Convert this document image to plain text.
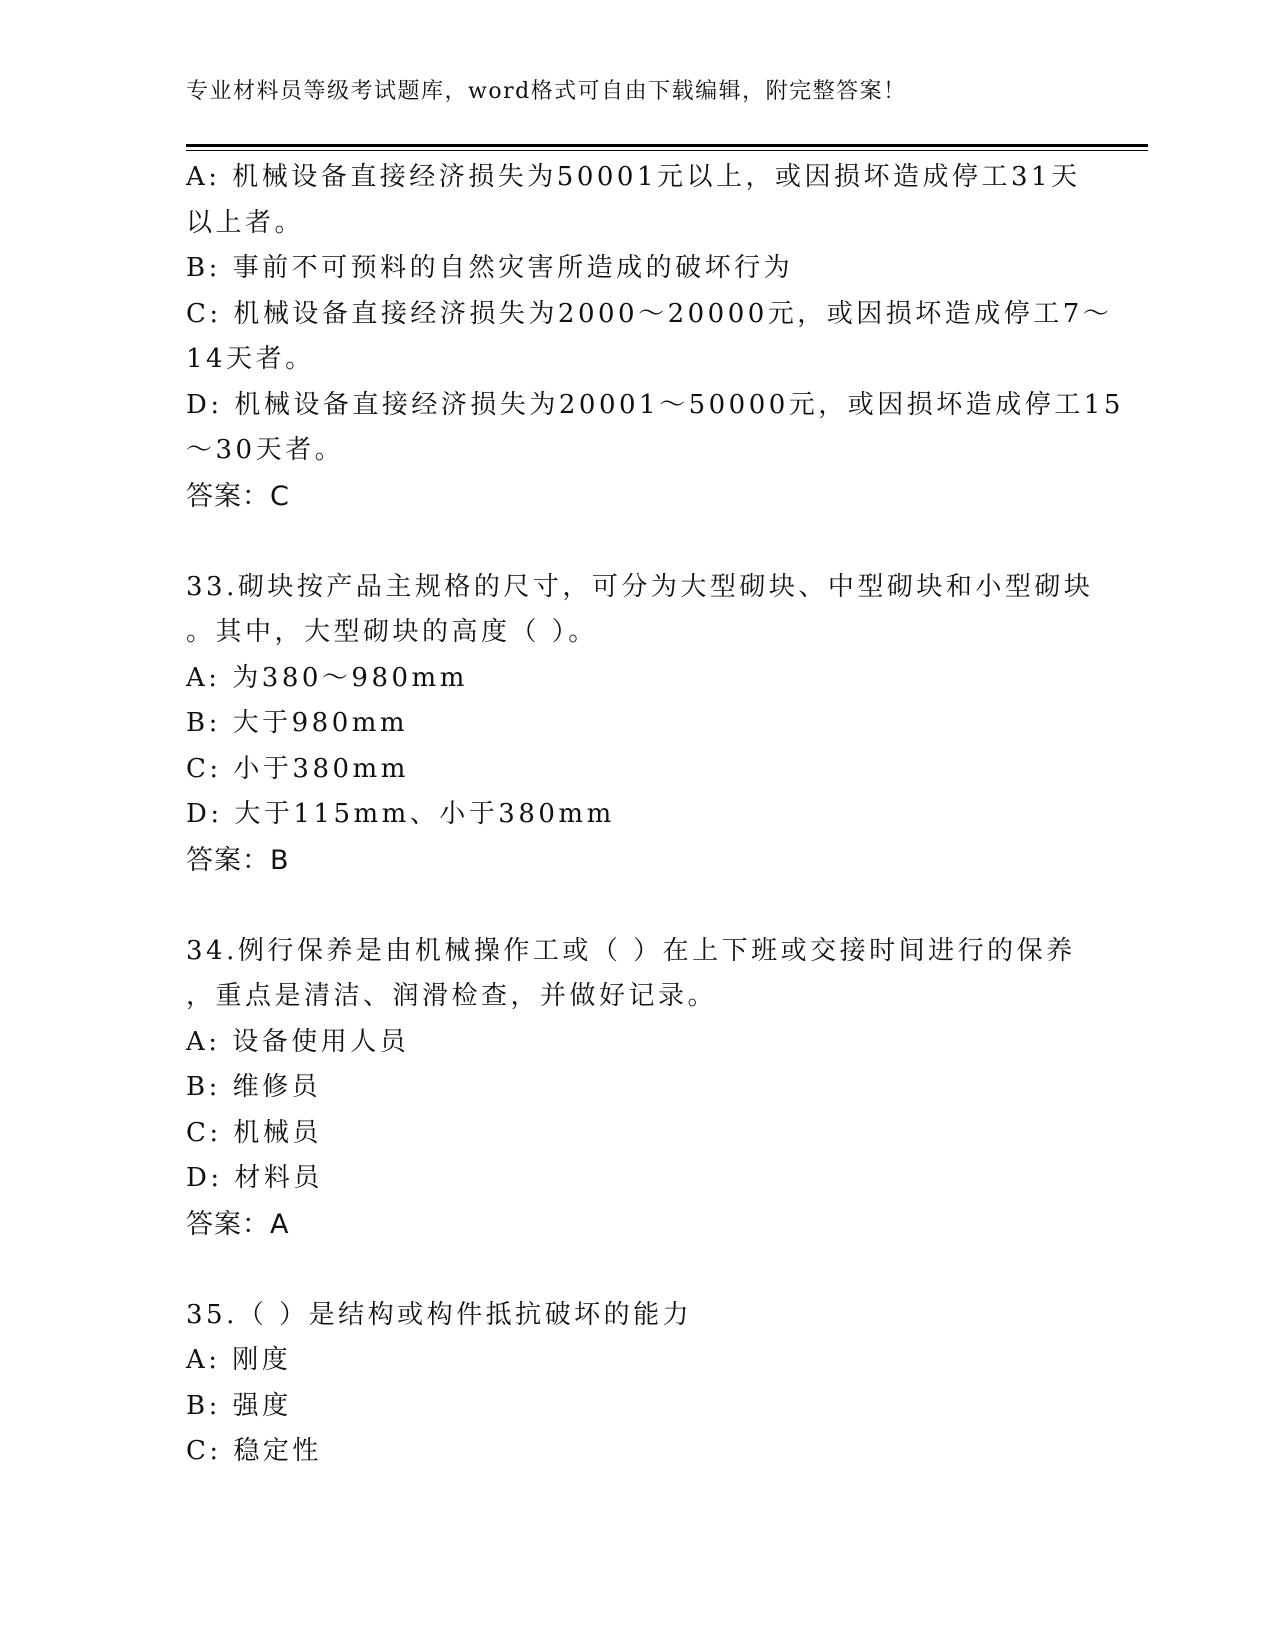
专业材料员等级考试题库，word格式可自由下载编辑，附完整答案！
A: 机械设备直接经济损失为50001元以上，或因损坏造成停工31天
以上者。
B: 事前不可预料的自然灾害所造成的破坏行为
C: 机械设备直接经济损失为2000～20000元，或因损坏造成停工7～
14天者。
D: 机械设备直接经济损失为20001～50000元，或因损坏造成停工15
～30天者。
答案：C
33.砌块按产品主规格的尺寸，可分为大型砌块、中型砌块和小型砌块
。其中，大型砌块的高度（ ）。
A: 为380～980mm
B: 大于980mm
C: 小于380mm
D: 大于115mm、小于380mm
答案：B
34.例行保养是由机械操作工或（ ）在上下班或交接时间进行的保养
，重点是清洁、润滑检查，并做好记录。
A: 设备使用人员
B: 维修员
C: 机械员
D: 材料员
答案：A
35.（ ）是结构或构件抵抗破坏的能力
A: 刚度
B: 强度
C: 稳定性
